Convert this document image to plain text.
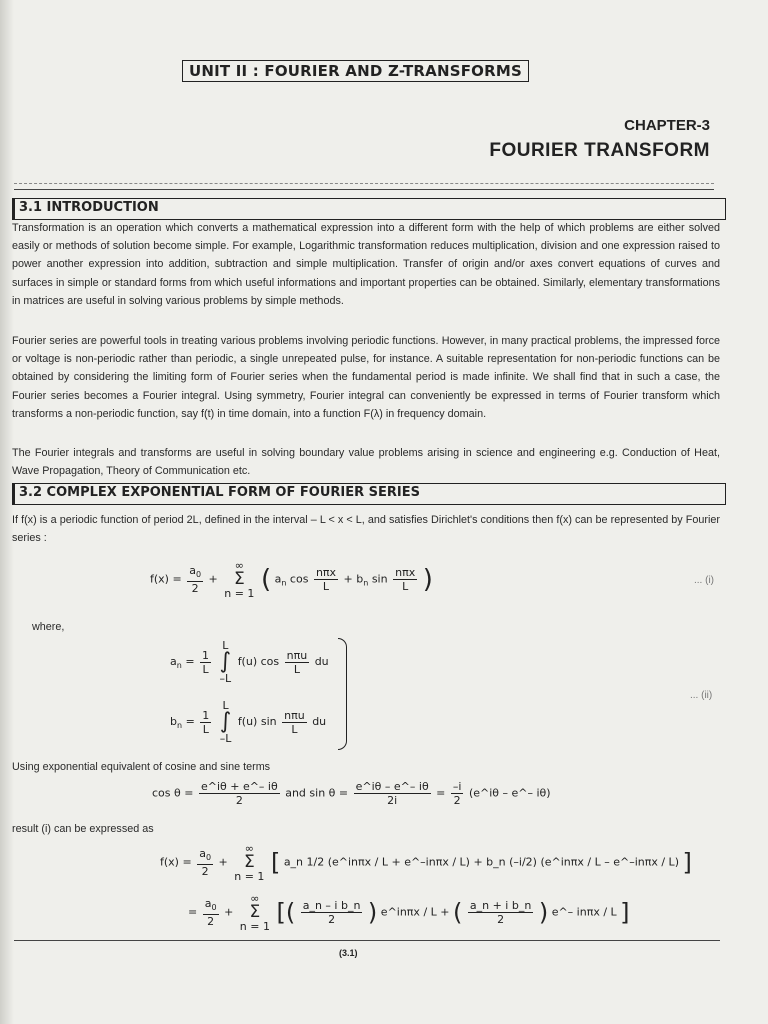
UNIT II : FOURIER AND Z-TRANSFORMS
CHAPTER-3
FOURIER TRANSFORM
3.1 INTRODUCTION
Transformation is an operation which converts a mathematical expression into a different form with the help of which problems are either solved easily or methods of solution become simple. For example, Logarithmic transformation reduces multiplication, division and one expression raised to power another expression into addition, subtraction and simple multiplication. Transfer of origin and/or axes convert equations of curves and surfaces in simple or standard forms from which useful informations and important properties can be obtained. Similarly, elementary transformations in matrices are useful in solving various problems by simple methods.
Fourier series are powerful tools in treating various problems involving periodic functions. However, in many practical problems, the impressed force or voltage is non-periodic rather than periodic, a single unrepeated pulse, for instance. A suitable representation for non-periodic functions can be obtained by considering the limiting form of Fourier series when the fundamental period is made infinite. We shall find that in such a case, the Fourier series becomes a Fourier integral. Using symmetry, Fourier integral can conveniently be expressed in terms of Fourier transform which transforms a non-periodic function, say f(t) in time domain, into a function F(λ) in frequency domain.
The Fourier integrals and transforms are useful in solving boundary value problems arising in science and engineering e.g. Conduction of Heat, Wave Propagation, Theory of Communication etc.
3.2 COMPLEX EXPONENTIAL FORM OF FOURIER SERIES
If f(x) is a periodic function of period 2L, defined in the interval – L < x < L, and satisfies Dirichlet's conditions then f(x) can be represented by Fourier series :
$f(x) = \frac{a_0}{2}$ +
∞
Σ
n = 1 ( $a_n$ $\cos \frac{\text{nπx}}{L} + b_n$ $\sin \frac{\text{nπx}}{L}$ )	... (i)
where,
$a_n = \frac{1}{L}$

L
∫
–L
f(u) $\cos \frac{\text{nπu}}{L}$ du
$b_n = \frac{1}{L}$

L
∫
–L
f(u) $\sin \frac{\text{nπu}}{L}$ du
... (ii)
Using exponential equivalent of cosine and sine terms
$\cos \theta = \frac{e\^{}i\theta + e\^{}- i\theta}{2}$ and $\sin \theta = \frac{e\^{}i\theta - e\^{}- i\theta}{2i} = \frac{-i}{2}$ (e^iθ – e^– iθ)
result (i) can be expressed as
$f(x) = \frac{a_0}{2}$ +
∞
Σ
n = 1 [ a_n 1/2 (e^inπx / L + e^–inπx / L) + b_n (–i/2) (e^inπx / L – e^–inπx / L) ]
= $\frac{a_0}{2}$ +
∞
Σ
n = 1 [( $\frac{\text{a\_n – i b\_n}}{2}$ ) e^inπx / L + ( $\frac{\text{a\_n + i b\_n}}{2}$ ) e^– inπx / L ]
(3.1)
